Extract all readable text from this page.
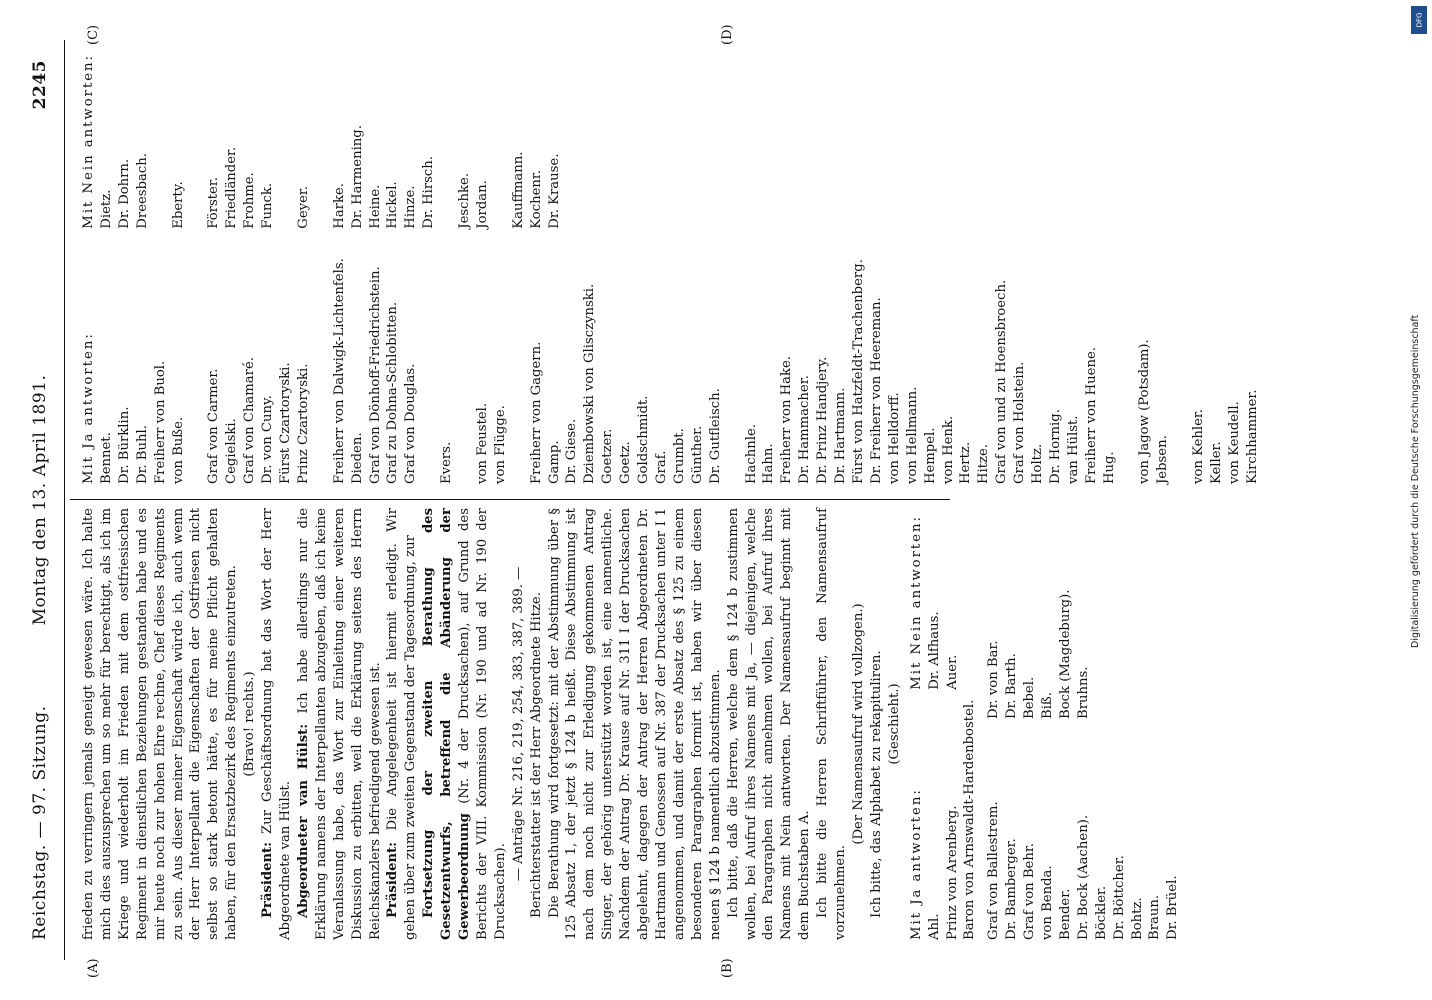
Reichstag. — 97. Sitzung.
Montag den 13. April 1891.
2245
(A)	(B)
(C)	(D)

frieden zu verringern jemals geneigt gewesen wäre. Ich halte mich dies auszusprechen um so mehr für berechtigt, als ich im Kriege und wiederholt im Frieden mit dem ostfriesischen Regiment in dienstlichen Beziehungen gestanden habe und es mir heute noch zur hohen Ehre rechne, Chef dieses Regiments zu sein. Aus dieser meiner Eigenschaft würde ich, auch wenn der Herr Interpellant die Eigenschaften der Ostfriesen nicht selbst so stark betont hätte, es für meine Pflicht gehalten haben, für den Ersatzbezirk des Regiments einzutreten. (Bravo! rechts.)

Präsident: Zur Geschäftsordnung hat das Wort der Herr Abgeordnete van Hülst. Abgeordneter van Hülst: Ich habe allerdings nur die Erklärung namens der Interpellanten abzugeben, daß ich keine Veranlassung habe, das Wort zur Einleitung einer weiteren Diskussion zu erbitten, weil die Erklärung seitens des Herrn Reichskanzlers befriedigend gewesen ist. Präsident: Die Angelegenheit ist hiermit erledigt. Wir gehen über zum zweiten Gegenstand der Tagesordnung, zur Fortsetzung der zweiten Berathung des Gesetzentwurfs, betreffend die Abänderung der Gewerbeordnung (Nr. 4 der Drucksachen), auf Grund des Berichts der VIII. Kommission (Nr. 190 und ad Nr. 190 der Drucksachen).

— Anträge Nr. 216, 219, 254, 383, 387, 389. — Berichterstatter ist der Herr Abgeordnete Hitze. Die Berathung wird fortgesetzt: mit der Abstimmung über § 125 Absatz 1, der jetzt § 124 b heißt. Diese Abstimmung ist nach dem noch nicht zur Erledigung gekommenen Antrag Singer, der gehörig unterstützt worden ist, eine namentliche. Nachdem der Antrag Dr. Krause auf Nr. 311 I der Drucksachen abgelehnt, dagegen der Antrag der Herren Abgeordneten Dr. Hartmann und Genossen auf Nr. 387 der Drucksachen unter I 1 angenommen, und damit der erste Absatz des § 125 zu einem besonderen Paragraphen formirt ist, haben wir über diesen neuen § 124 b namentlich abzustimmen. Ich bitte, daß die Herren, welche dem § 124 b zustimmen wollen, bei Aufruf ihres Namens mit Ja, — diejenigen, welche den Paragraphen nicht annehmen wollen, bei Aufruf ihres Namens mit Nein antworten. Der Namensaufruf beginnt mit dem Buchstaben A. Ich bitte die Herren Schriftführer, den Namensaufruf vorzunehmen.

(Der Namensaufruf wird vollzogen.) Ich bitte, das Alphabet zu rekapituliren. (Geschieht.)

Mit Ja antworten: Ahl. Prinz von Arenberg. Baron von Arnswaldt-Hardenbostel.
Mit Nein antworten: Dr. Alfhaus. Auer.
Graf von Ballestrem. Dr. Bamberger. Graf von Behr. von Benda. Bender. Dr. Bock (Aachen). Böckler. Dr. Böttcher. Bohtz. Braun. Dr. Brüel.
Dr. von Bar. Dr. Barth. Bebel. Biß. Bock (Magdeburg). Bruhns.
Mit Ja antworten: Bennet. Dr. Bürklin. Dr. Buhl. Freiherr von Buol. von Buße.
Graf von Carmer. Cegielski. Graf von Chamaré. Dr. von Cuny. Fürst Czartoryski. Prinz Czartoryski.
Freiherr von Dalwigk-Lichtenfels. Dieden. Graf von Dönhoff-Friedrichstein. Graf zu Dohna-Schlobitten. Graf von Douglas.
Evers.
von Feustel. von Flügge.
Freiherr von Gagern. Gamp. Dr. Giese. Dziembowski von Glisczynski. Goetzer. Goetz. Goldschmidt. Graf. Grumbt. Günther. Dr. Gutfleisch.
Hachnle. Hahn. Freiherr von Hake. Dr. Hammacher. Dr. Prinz Handjery. Dr. Hartmann. Fürst von Hatzfeldt-Trachenberg. Dr. Freiherr von Heereman. von Helldorff. von Hellmann. Hempel. von Henk. Hertz. Hitze. Graf von und zu Hoensbroech. Graf von Holstein. Holtz. Dr. Hornig. van Hülst. Freiherr von Huene. Hug.
von Jagow (Potsdam). Jebsen.
von Kehler. Keller. von Keudell. Kirchhammer.
Mit Nein antworten: Dietz. Dr. Dohrn. Dreesbach.
Eberty.
Förster. Friedländer. Frohme. Funck.
Geyer.
Harke. Dr. Harmening. Heine. Hickel. Hinze. Dr. Hirsch.
Jeschke. Jordan.
Kauffmann. Kochenr. Dr. Krause.
DFG
Digitalisierung gefördert durch die Deutsche Forschungsgemeinschaft
